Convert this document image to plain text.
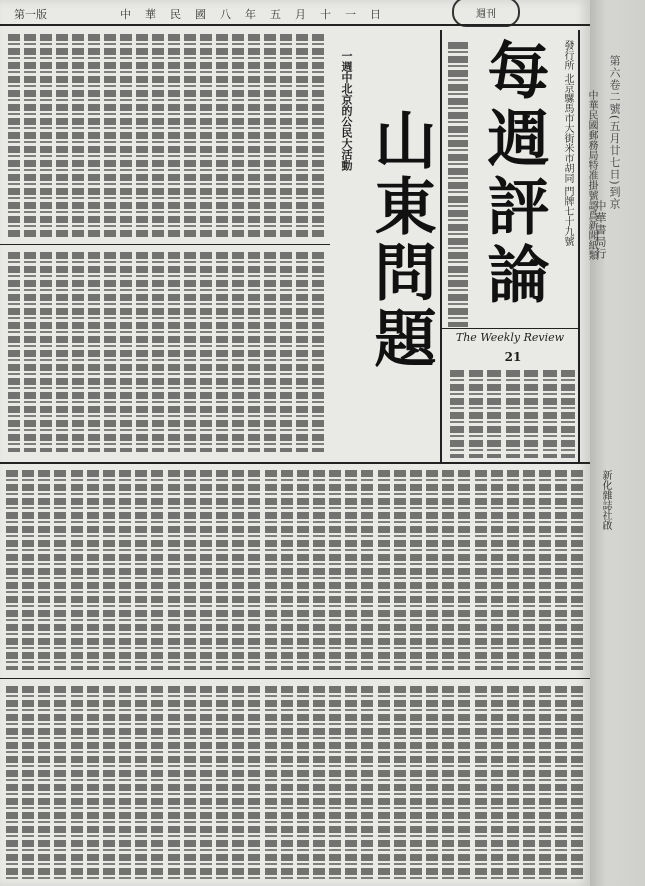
第六卷二號(五月廿七日)到京
中華書局行
第一版	中華民國八年五月十一日	週刊
每週評論 發行所 北京騾馬市大街米市胡同 門牌七十九號 中華民國郵務局特准掛號認爲新聞紙類
The Weekly Review
21
山東問題
一週中北京的公民大活動
新化雜誌社啟
